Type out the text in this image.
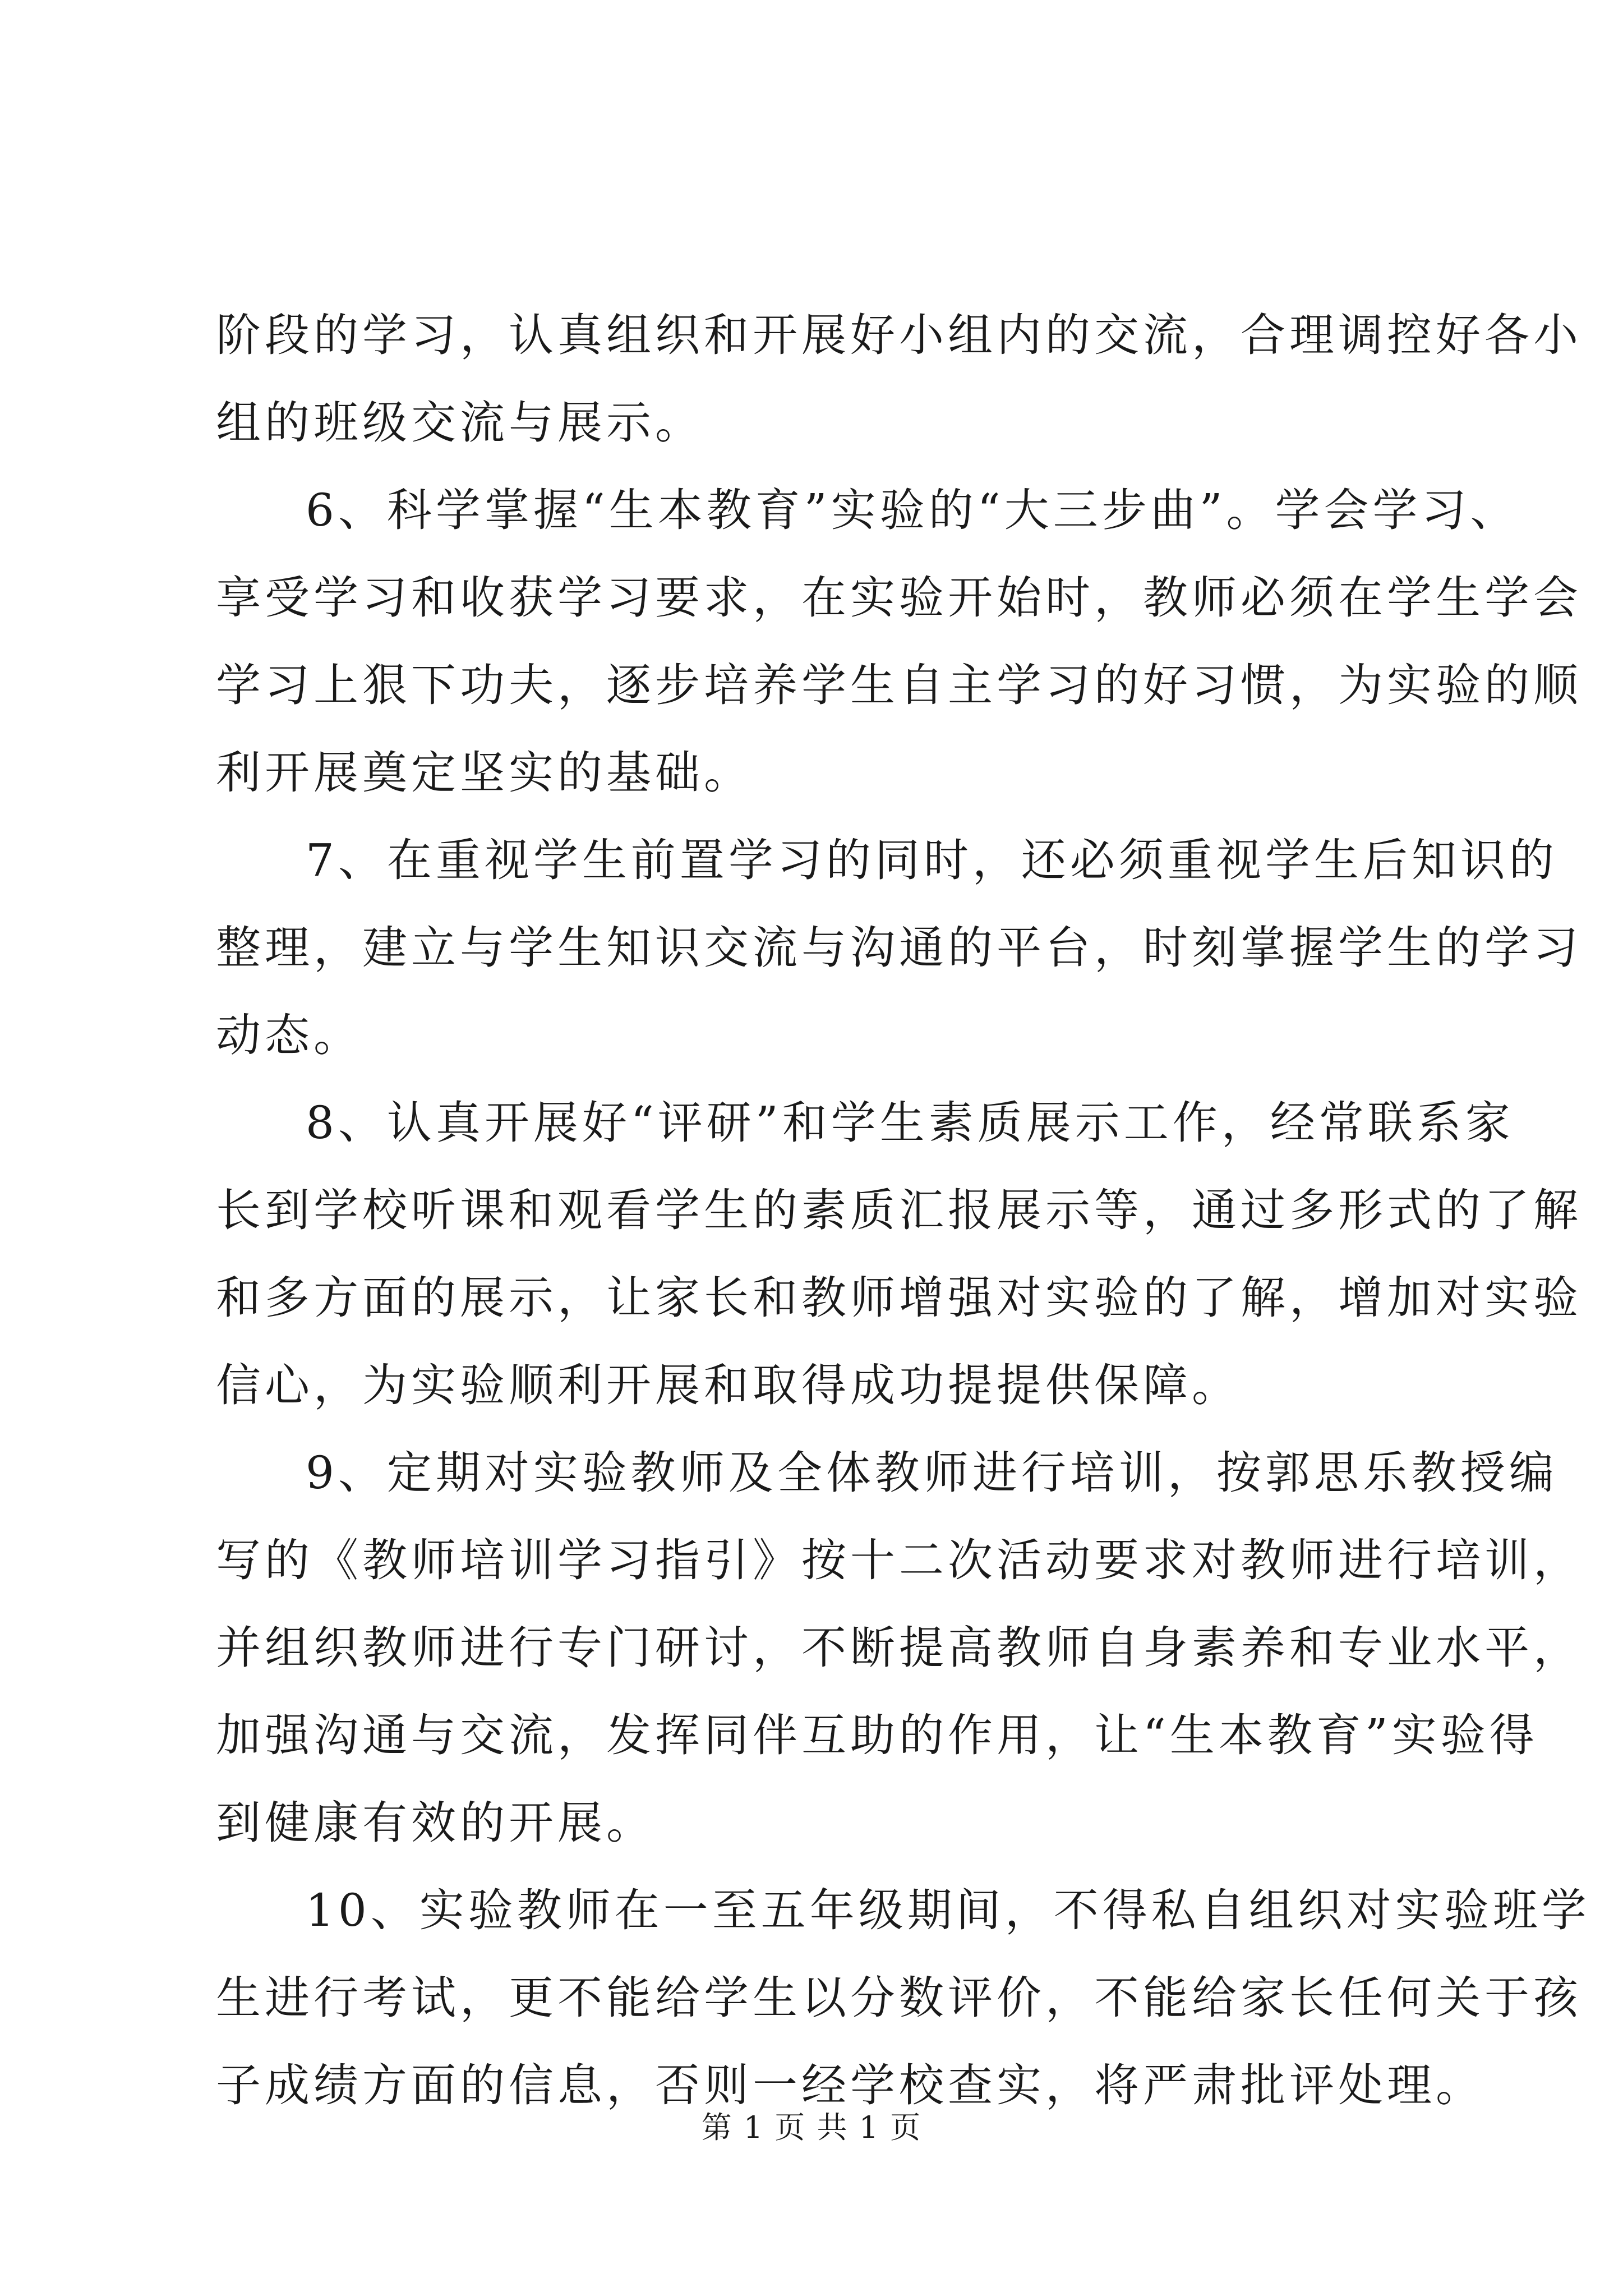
阶段的学习，认真组织和开展好小组内的交流，合理调控好各小
组的班级交流与展示。
6、科学掌握“生本教育”实验的“大三步曲”。学会学习、
享受学习和收获学习要求，在实验开始时，教师必须在学生学会
学习上狠下功夫，逐步培养学生自主学习的好习惯，为实验的顺
利开展奠定坚实的基础。
7、在重视学生前置学习的同时，还必须重视学生后知识的
整理，建立与学生知识交流与沟通的平台，时刻掌握学生的学习
动态。
8、认真开展好“评研”和学生素质展示工作，经常联系家
长到学校听课和观看学生的素质汇报展示等，通过多形式的了解
和多方面的展示，让家长和教师增强对实验的了解，增加对实验
信心，为实验顺利开展和取得成功提提供保障。
9、定期对实验教师及全体教师进行培训，按郭思乐教授编
写的《教师培训学习指引》按十二次活动要求对教师进行培训，
并组织教师进行专门研讨，不断提高教师自身素养和专业水平，
加强沟通与交流，发挥同伴互助的作用，让“生本教育”实验得
到健康有效的开展。
10、实验教师在一至五年级期间，不得私自组织对实验班学
生进行考试，更不能给学生以分数评价，不能给家长任何关于孩
子成绩方面的信息，否则一经学校查实，将严肃批评处理。
第 1 页 共 1 页
